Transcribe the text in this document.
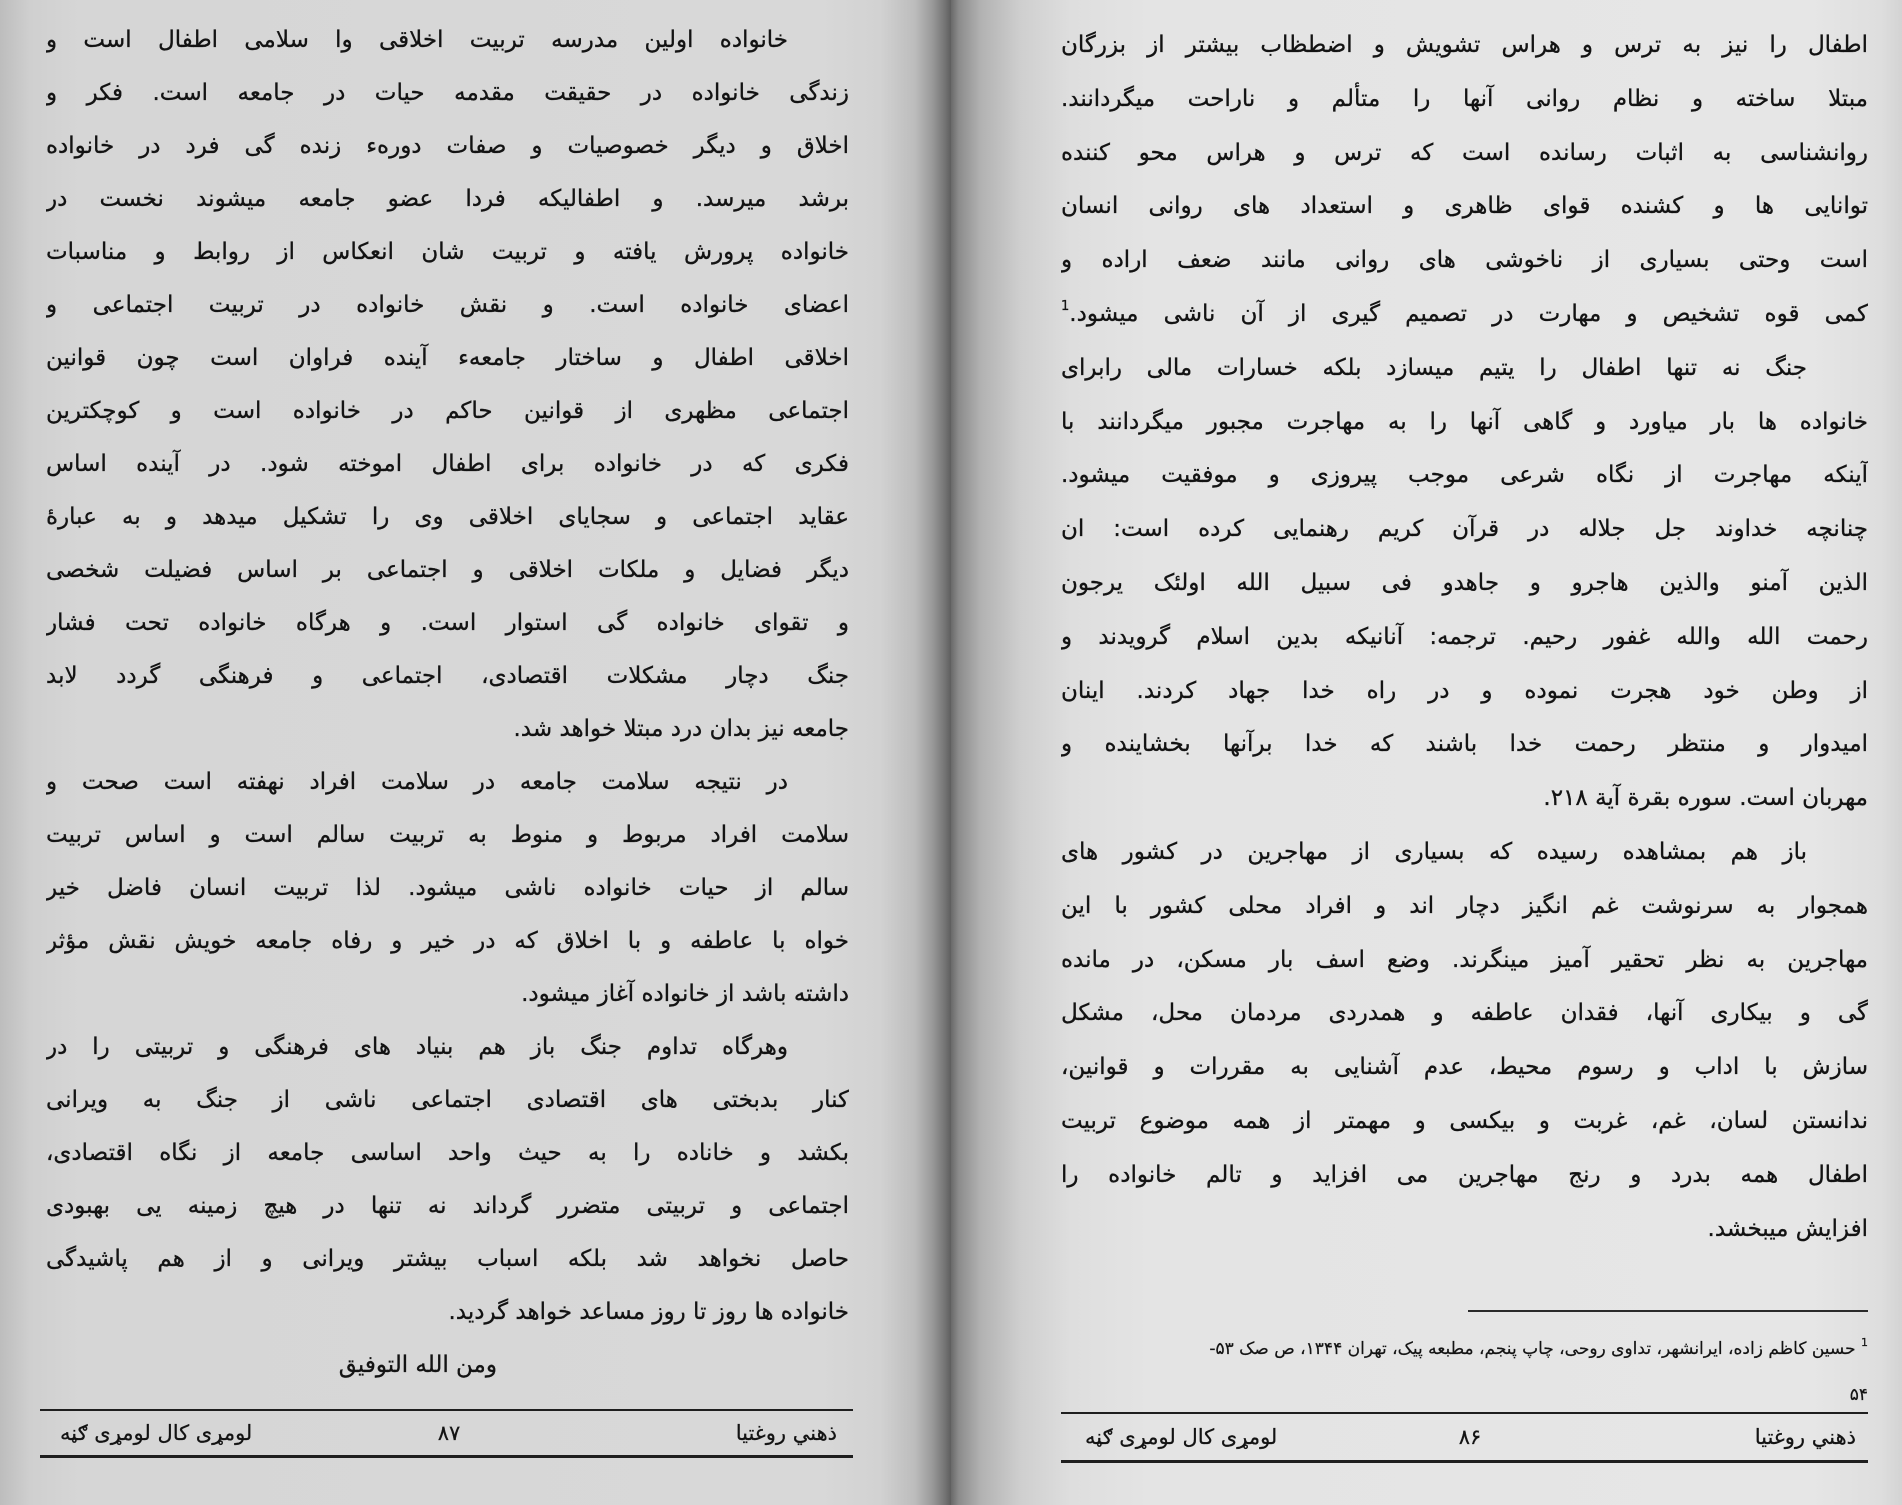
خانواده اولین مدرسه تربیت اخلاقی وا سلامی اطفال است و
زندگی خانواده در حقیقت مقدمه حیات در جامعه است. فکر و
اخلاق و دیگر خصوصیات و صفات دورهء زنده گی فرد در خانواده
برشد میرسد. و اطفالیکه فردا عضو جامعه میشوند نخست در
خانواده پرورش یافته و تربیت شان انعکاس از روابط و مناسبات
اعضای خانواده است. و نقش خانواده در تربیت اجتماعی و
اخلاقی اطفال و ساختار جامعهء آینده فراوان است چون قوانین
اجتماعی مظهری از قوانین حاکم در خانواده است و کوچکترین
فکری که در خانواده برای اطفال اموخته شود. در آینده اساس
عقاید اجتماعی و سجایای اخلاقی وی را تشکیل میدهد و به عبارهٔ
دیگر فضایل و ملکات اخلاقی و اجتماعی بر اساس فضیلت شخصی
و تقوای خانواده گی استوار است. و هرگاه خانواده تحت فشار
جنگ دچار مشکلات اقتصادی، اجتماعی و فرهنگی گردد لابد
جامعه نیز بدان درد مبتلا خواهد شد.
در نتیجه سلامت جامعه در سلامت افراد نهفته است صحت و
سلامت افراد مربوط و منوط به تربیت سالم است و اساس تربیت
سالم از حیات خانواده ناشی میشود. لذا تربیت انسان فاضل خیر
خواه با عاطفه و با اخلاق که در خیر و رفاه جامعه خویش نقش مؤثر
داشته باشد از خانواده آغاز میشود.
وهرگاه تداوم جنگ باز هم بنیاد های فرهنگی و تربیتی را در
کنار بدبختی های اقتصادی اجتماعی ناشی از جنگ به ویرانی
بکشد و خاناده را به حیث واحد اساسی جامعه از نگاه اقتصادی،
اجتماعی و تربیتی متضرر گرداند نه تنها در هیچ زمینه یی بهبودی
حاصل نخواهد شد بلکه اسباب بیشتر ویرانی و از هم پاشیدگی
خانواده ها روز تا روز مساعد خواهد گردید.
ومن الله التوفیق
ذهني روغتيا
۸۷
لومړی کال لومړی ګڼه
اطفال را نیز به ترس و هراس تشویش و اضطظاب بیشتر از بزرگان
مبتلا ساخته و نظام روانی آنها را متألم و ناراحت میگردانند.
روانشناسی به اثبات رسانده است که ترس و هراس محو کننده
توانایی ها و کشنده قوای ظاهری و استعداد های روانی انسان
است وحتی بسیاری از ناخوشی های روانی مانند ضعف اراده و
کمی قوه تشخیص و مهارت در تصمیم گیری از آن ناشی میشود.$^1$
جنگ نه تنها اطفال را یتیم میسازد بلکه خسارات مالی رابرای
خانواده ها بار میاورد و گاهی آنها را به مهاجرت مجبور میگردانند با
آینکه مهاجرت از نگاه شرعی موجب پیروزی و موفقیت میشود.
چنانچه خداوند جل جلاله در قرآن کریم رهنمایی کرده است: ان
الذین آمنو والذین هاجرو و جاهدو فی سبیل الله اولئک یرجون
رحمت الله والله غفور رحیم. ترجمه: آنانیکه بدین اسلام گرویدند و
از وطن خود هجرت نموده و در راه خدا جهاد کردند. اینان
امیدوار و منتظر رحمت خدا باشند که خدا برآنها بخشاینده و
مهربان است. سوره بقرة آیة ۲۱۸.
باز هم بمشاهده رسیده که بسیاری از مهاجرین در کشور های
همجوار به سرنوشت غم انگیز دچار اند و افراد محلی کشور با این
مهاجرین به نظر تحقیر آمیز مینگرند. وضع اسف بار مسکن، در مانده
گی و بیکاری آنها، فقدان عاطفه و همدردی مردمان محل، مشکل
سازش با اداب و رسوم محیط، عدم آشنایی به مقررات و قوانین،
ندانستن لسان، غم، غربت و بیکسی و مهمتر از همه موضوع تربیت
اطفال همه بدرد و رنج مهاجرین می افزاید و تالم خانواده را
افزایش میبخشد.
$^1$ حسین کاظم زاده، ایرانشهر، تداوی روحی، چاپ پنجم، مطبعه پیک، تهران ۱۳۴۴، ص صک ۵۳-
۵۴
ذهني روغتيا
۸۶
لومړی کال لومړی ګڼه
